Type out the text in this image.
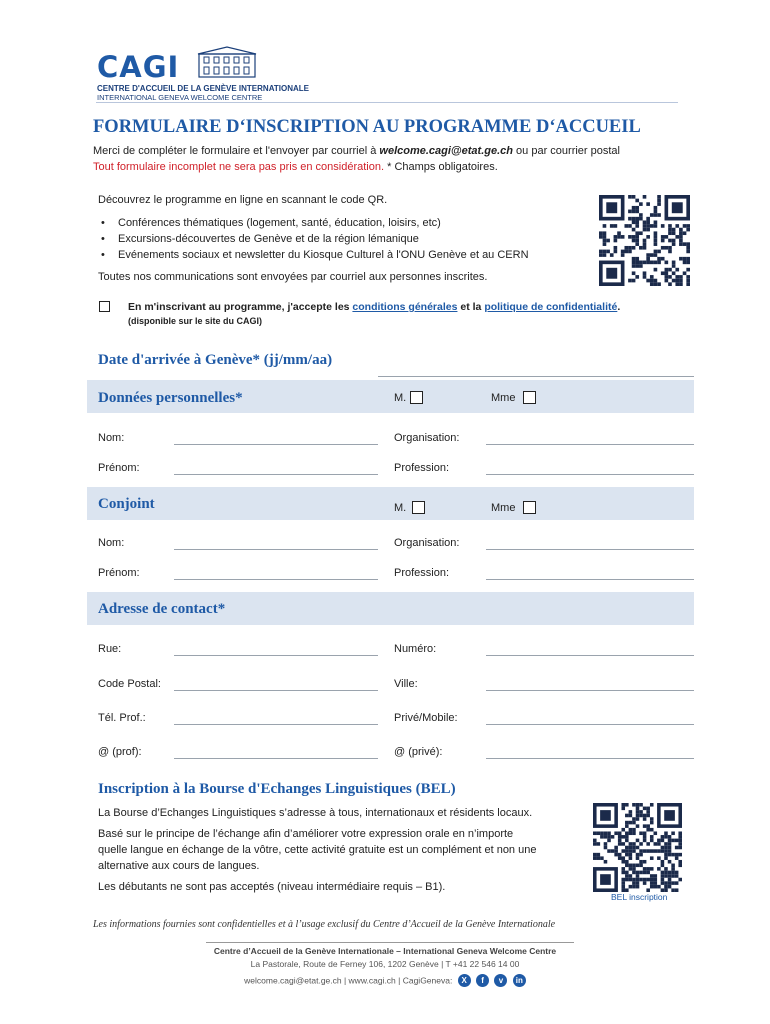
CAGI
CENTRE D'ACCUEIL DE LA GENÈVE INTERNATIONALE
INTERNATIONAL GENEVA WELCOME CENTRE
FORMULAIRE D‘INSCRIPTION AU PROGRAMME D‘ACCUEIL
Merci de compléter le formulaire et l'envoyer par courriel à welcome.cagi@etat.ge.ch ou par courrier postal
Tout formulaire incomplet ne sera pas pris en considération. * Champs obligatoires.
Découvrez le programme en ligne en scannant le code QR.
• Conférences thématiques (logement, santé, éducation, loisirs, etc)
• Excursions-découvertes de Genève et de la région lémanique
• Evénements sociaux et newsletter du Kiosque Culturel à l'ONU Genève et au CERN
Toutes nos communications sont envoyées par courriel aux personnes inscrites.
En m'inscrivant au programme, j'accepte les conditions générales et la politique de confidentialité.
(disponible sur le site du CAGI)
Date d'arrivée à Genève* (jj/mm/aa)
Données personnelles*	M.	Mme
Nom:	Organisation:
Prénom:	Profession:
Conjoint	M.	Mme
Nom:	Organisation:
Prénom:	Profession:
Adresse de contact*
Rue:	Numéro:
Code Postal:	Ville:
Tél. Prof.:	Privé/Mobile:
@ (prof):	@ (privé):
Inscription à la Bourse d'Echanges Linguistiques (BEL)
La Bourse d’Echanges Linguistiques s’adresse à tous, internationaux et résidents locaux.
Basé sur le principe de l’échange afin d’améliorer votre expression orale en n’importe
quelle langue en échange de la vôtre, cette activité gratuite est un complément et non une
alternative aux cours de langues.
Les débutants ne sont pas acceptés (niveau intermédiaire requis – B1).
BEL inscription
Les informations fournies sont confidentielles et à l’usage exclusif du Centre d’Accueil de la Genève Internationale
Centre d’Accueil de la Genève Internationale – International Geneva Welcome Centre
La Pastorale, Route de Ferney 106, 1202 Genève | T +41 22 546 14 00
welcome.cagi@etat.ge.ch | www.cagi.ch | CagiGeneva: X f v in
